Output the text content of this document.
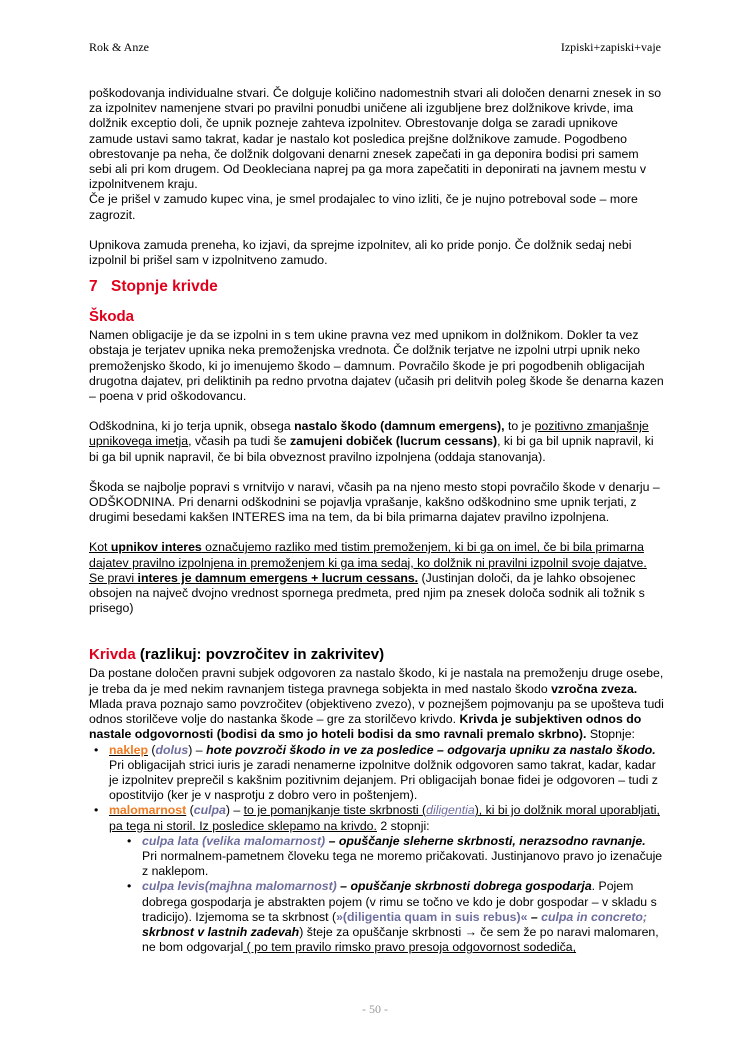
Rok & Anze	Izpiski+zapiski+vaje

poškodovanja individualne stvari. Če dolguje količino nadomestnih stvari ali določen denarni znesek in so za izpolnitev namenjene stvari po pravilni ponudbi uničene ali izgubljene brez dolžnikove krivde, ima dolžnik exceptio doli, če upnik pozneje zahteva izpolnitev. Obrestovanje dolga se zaradi upnikove zamude ustavi samo takrat, kadar je nastalo kot posledica prejšne dolžnikove zamude. Pogodbeno obrestovanje pa neha, če dolžnik dolgovani denarni znesek zapečati in ga deponira bodisi pri samem sebi ali pri kom drugem. Od Deokleciana naprej pa ga mora zapečatiti in deponirati na javnem mestu v izpolnitvenem kraju.

Če je prišel v zamudo kupec vina, je smel prodajalec to vino izliti, če je nujno potreboval sode – more zagrozit.

Upnikova zamuda preneha, ko izjavi, da sprejme izpolnitev, ali ko pride ponjo. Če dolžnik sedaj nebi izpolnil bi prišel sam v izpolnitveno zamudo.

7 Stopnje krivde
Škoda

Namen obligacije je da se izpolni in s tem ukine pravna vez med upnikom in dolžnikom. Dokler ta vez obstaja je terjatev upnika neka premoženjska vrednota. Če dolžnik terjatve ne izpolni utrpi upnik neko premoženjsko škodo, ki jo imenujemo škodo – damnum. Povračilo škode je pri pogodbenih obligacijah drugotna dajatev, pri deliktinih pa redno prvotna dajatev (učasih pri delitvih poleg škode še denarna kazen – poena v prid oškodovancu.

Odškodnina, ki jo terja upnik, obsega nastalo škodo (damnum emergens), to je pozitivno zmanjašnje upnikovega imetja, včasih pa tudi še zamujeni dobiček (lucrum cessans), ki bi ga bil upnik napravil, ki bi ga bil upnik napravil, če bi bila obveznost pravilno izpolnjena (oddaja stanovanja).

Škoda se najbolje popravi s vrnitvijo v naravi, včasih pa na njeno mesto stopi povračilo škode v denarju – ODŠKODNINA. Pri denarni odškodnini se pojavlja vprašanje, kakšno odškodnino sme upnik terjati, z drugimi besedami kakšen INTERES ima na tem, da bi bila primarna dajatev pravilno izpolnjena.

Kot upnikov interes označujemo razliko med tistim premoženjem, ki bi ga on imel, če bi bila primarna dajatev pravilno izpolnjena in premoženjem ki ga ima sedaj, ko dolžnik ni pravilni izpolnil svoje dajatve. Se pravi interes je damnum emergens + lucrum cessans. (Justinjan določi, da je lahko obsojenec obsojen na največ dvojno vrednost spornega predmeta, pred njim pa znesek določa sodnik ali tožnik s prisego)

Krivda (razlikuj: povzročitev in zakrivitev)

Da postane določen pravni subjek odgovoren za nastalo škodo, ki je nastala na premoženju druge osebe, je treba da je med nekim ravnanjem tistega pravnega sobjekta in med nastalo škodo vzročna zveza. Mlada prava poznajo samo povzročitev (objektiveno zvezo), v poznejšem pojmovanju pa se upošteva tudi odnos storilčeve volje do nastanka škode – gre za storilčevo krivdo. Krivda je subjektiven odnos do nastale odgovornosti (bodisi da smo jo hoteli bodisi da smo ravnali premalo skrbno). Stopnje:

• naklep (dolus) – hote povzroči škodo in ve za posledice – odgovarja upniku za nastalo škodo. Pri obligacijah strici iuris je zaradi nenamerne izpolnitve dolžnik odgovoren samo takrat, kadar, kadar je izpolnitev preprečil s kakšnim pozitivnim dejanjem. Pri obligacijah bonae fidei je odgovoren – tudi z opostitvijo (ker je v nasprotju z dobro vero in poštenjem).
• malomarnost (culpa) – to je pomanjkanje tiste skrbnosti (diligentia), ki bi jo dolžnik moral uporabljati, pa tega ni storil. Iz posledice sklepamo na krivdo. 2 stopnji:
• culpa lata (velika malomarnost) – opuščanje sleherne skrbnosti, nerazsodno ravnanje. Pri normalnem-pametnem človeku tega ne moremo pričakovati. Justinjanovo pravo jo izenačuje z naklepom.
• culpa levis(majhna malomarnost) – opuščanje skrbnosti dobrega gospodarja. Pojem dobrega gospodarja je abstrakten pojem (v rimu se točno ve kdo je dobr gospodar – v skladu s tradicijo). Izjemoma se ta skrbnost (»(diligentia quam in suis rebus)« – culpa in concreto; skrbnost v lastnih zadevah) šteje za opuščanje skrbnosti → če sem že po naravi malomaren, ne bom odgovarjal ( po tem pravilo rimsko pravo presoja odgovornost sodediča,
- 50 -
